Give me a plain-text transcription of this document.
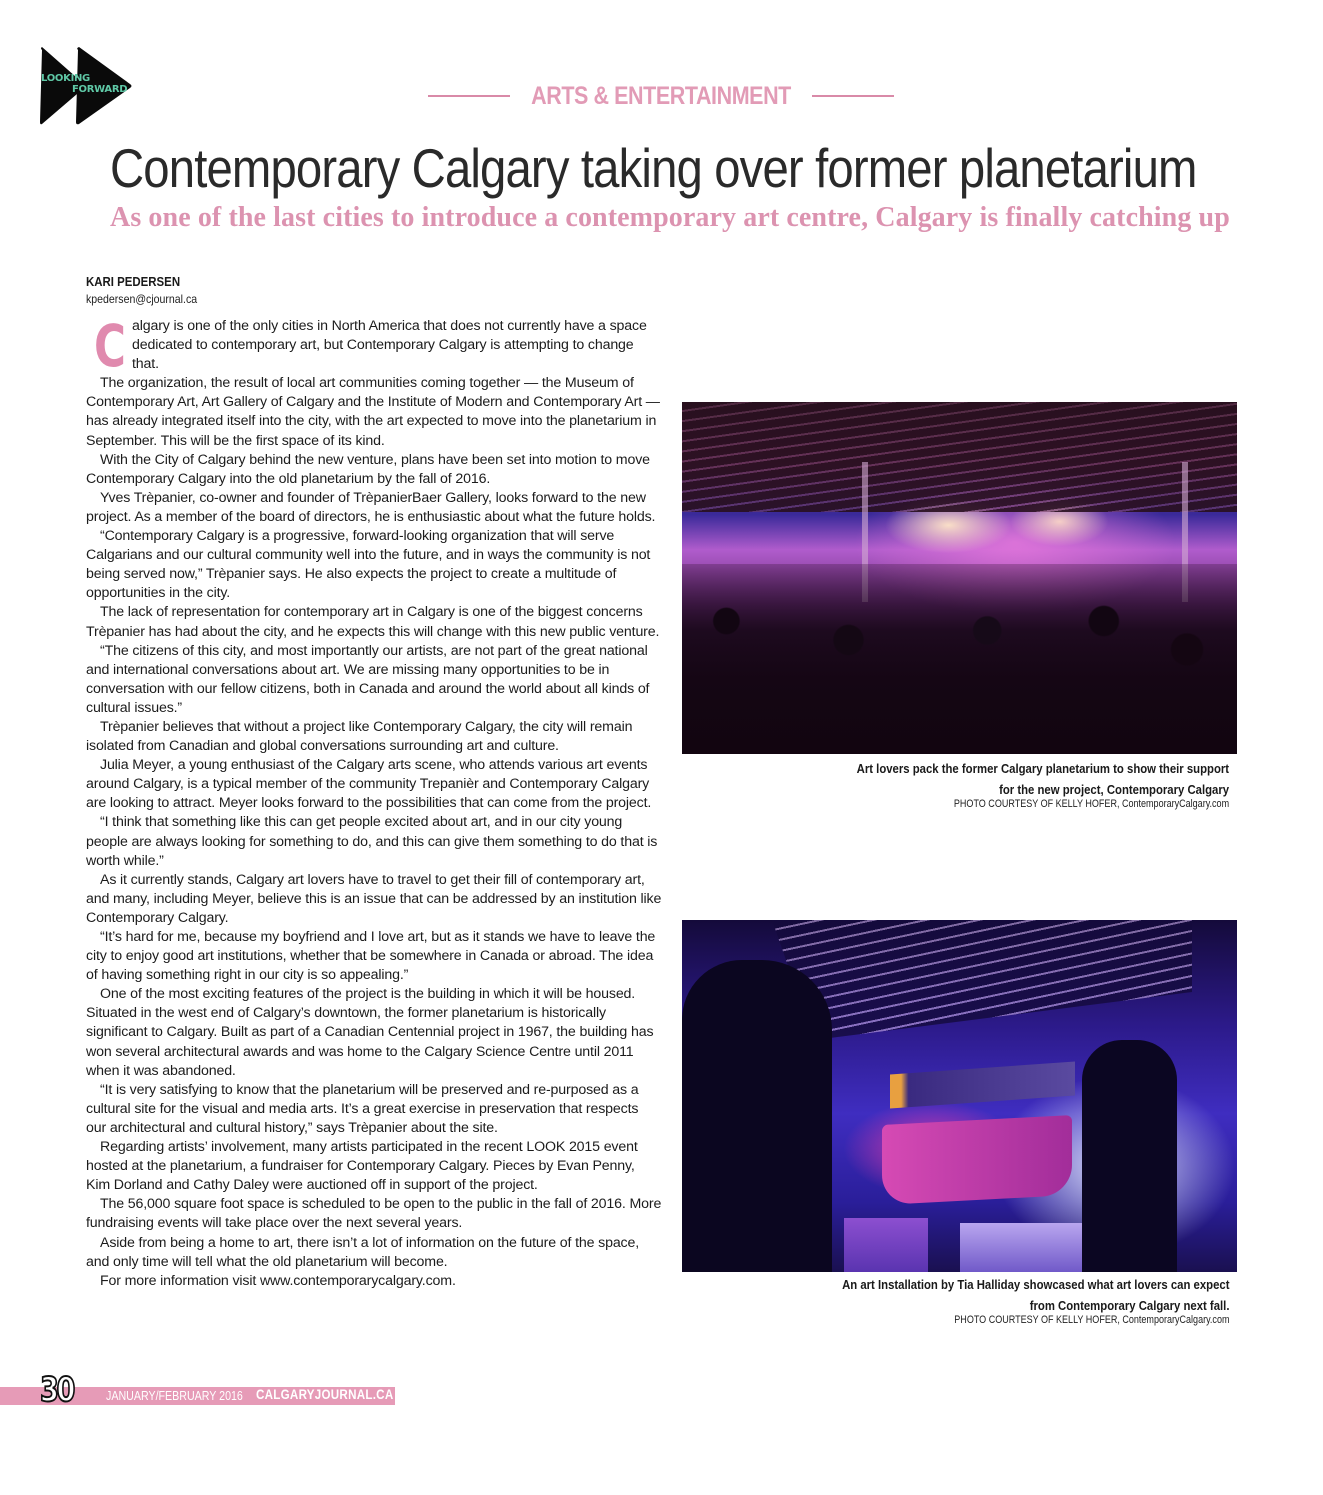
LOOKING
FORWARD	ARTS & ENTERTAINMENT
Contemporary Calgary taking over former planetarium
As one of the last cities to introduce a contemporary art centre, Calgary is finally catching up
KARI PEDERSEN
kpedersen@cjournal.ca

Calgary is one of the only cities in North America that does not currently have a space dedicated to contemporary art, but Contemporary Calgary is attempting to change that.

The organization, the result of local art communities coming together — the Museum of Contemporary Art, Art Gallery of Calgary and the Institute of Modern and Contemporary Art — has already integrated itself into the city, with the art expected to move into the planetarium in September. This will be the first space of its kind.

With the City of Calgary behind the new venture, plans have been set into motion to move Contemporary Calgary into the old planetarium by the fall of 2016.

Yves Trèpanier, co-owner and founder of TrèpanierBaer Gallery, looks forward to the new project. As a member of the board of directors, he is enthusiastic about what the future holds.

“Contemporary Calgary is a progressive, forward-looking organization that will serve Calgarians and our cultural community well into the future, and in ways the community is not being served now,” Trèpanier says. He also expects the project to create a multitude of opportunities in the city.

The lack of representation for contemporary art in Calgary is one of the biggest concerns Trèpanier has had about the city, and he expects this will change with this new public venture.

“The citizens of this city, and most importantly our artists, are not part of the great national and international conversations about art. We are missing many opportunities to be in conversation with our fellow citizens, both in Canada and around the world about all kinds of cultural issues.”

Trèpanier believes that without a project like Contemporary Calgary, the city will remain isolated from Canadian and global conversations surrounding art and culture.

Julia Meyer, a young enthusiast of the Calgary arts scene, who attends various art events around Calgary, is a typical member of the community Trepanièr and Contemporary Calgary are looking to attract. Meyer looks forward to the possibilities that can come from the project.

“I think that something like this can get people excited about art, and in our city young people are always looking for something to do, and this can give them something to do that is worth while.”

As it currently stands, Calgary art lovers have to travel to get their fill of contemporary art, and many, including Meyer, believe this is an issue that can be addressed by an institution like Contemporary Calgary.

“It’s hard for me, because my boyfriend and I love art, but as it stands we have to leave the city to enjoy good art institutions, whether that be somewhere in Canada or abroad. The idea of having something right in our city is so appealing.”

One of the most exciting features of the project is the building in which it will be housed. Situated in the west end of Calgary’s downtown, the former planetarium is historically significant to Calgary. Built as part of a Canadian Centennial project in 1967, the building has won several architectural awards and was home to the Calgary Science Centre until 2011 when it was abandoned.

“It is very satisfying to know that the planetarium will be preserved and re-purposed as a cultural site for the visual and media arts. It’s a great exercise in preservation that respects our architectural and cultural history,” says Trèpanier about the site.

Regarding artists’ involvement, many artists participated in the recent LOOK 2015 event hosted at the planetarium, a fundraiser for Contemporary Calgary. Pieces by Evan Penny, Kim Dorland and Cathy Daley were auctioned off in support of the project.

The 56,000 square foot space is scheduled to be open to the public in the fall of 2016. More fundraising events will take place over the next several years.

Aside from being a home to art, there isn’t a lot of information on the future of the space, and only time will tell what the old planetarium will become.

For more information visit www.contemporarycalgary.com.

Art lovers pack the former Calgary planetarium to show their support
for the new project, Contemporary Calgary
PHOTO COURTESY OF KELLY HOFER, ContemporaryCalgary.com
An art Installation by Tia Halliday showcased what art lovers can expect
from Contemporary Calgary next fall.
PHOTO COURTESY OF KELLY HOFER, ContemporaryCalgary.com
30	JANUARY/FEBRUARY 2016 CALGARYJOURNAL.CA
